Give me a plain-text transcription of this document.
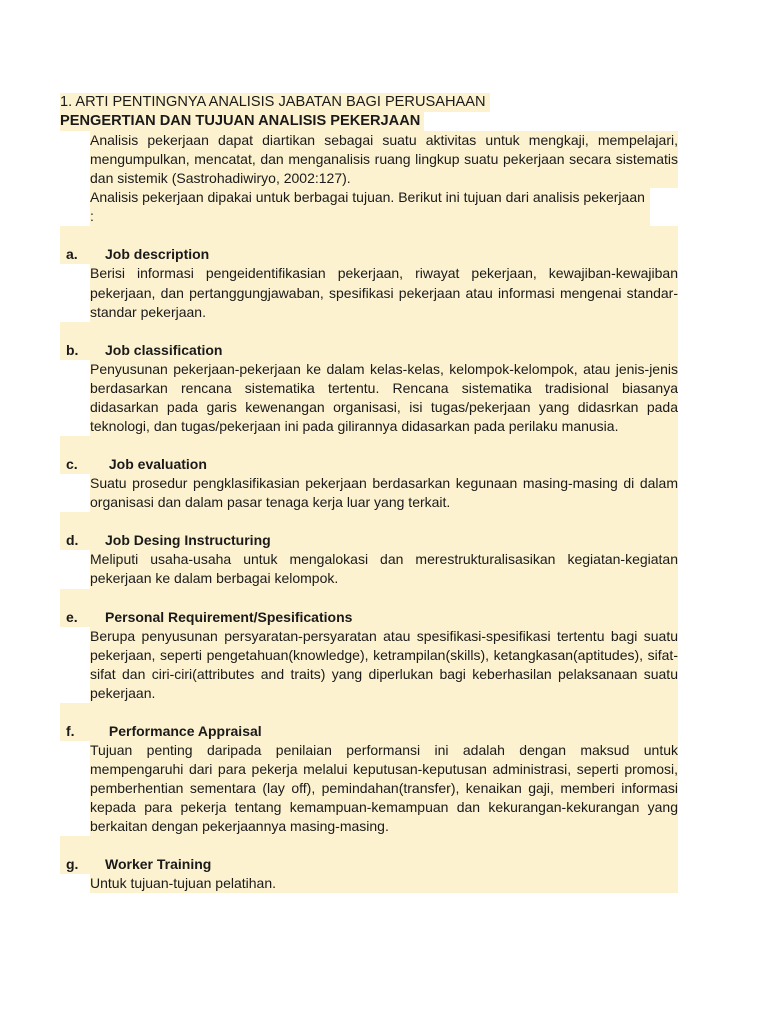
1. ARTI PENTINGNYA ANALISIS JABATAN BAGI PERUSAHAAN
PENGERTIAN DAN TUJUAN ANALISIS PEKERJAAN
Analisis pekerjaan dapat diartikan sebagai suatu aktivitas untuk mengkaji, mempelajari, mengumpulkan, mencatat, dan menganalisis ruang lingkup suatu pekerjaan secara sistematis dan sistemik (Sastrohadiwiryo, 2002:127).
Analisis pekerjaan dipakai untuk berbagai tujuan. Berikut ini tujuan dari analisis pekerjaan :
a.	Job description
Berisi informasi pengeidentifikasian pekerjaan, riwayat pekerjaan, kewajiban-kewajiban pekerjaan, dan pertanggungjawaban, spesifikasi pekerjaan atau informasi mengenai standar- standar pekerjaan.
b.	Job classification
Penyusunan pekerjaan-pekerjaan ke dalam kelas-kelas, kelompok-kelompok, atau jenis-jenis berdasarkan rencana sistematika tertentu. Rencana sistematika tradisional biasanya didasarkan pada garis kewenangan organisasi, isi tugas/pekerjaan yang didasrkan pada teknologi, dan tugas/pekerjaan ini pada gilirannya didasarkan pada perilaku manusia.
c.	Job evaluation
Suatu prosedur pengklasifikasian pekerjaan berdasarkan kegunaan masing-masing di dalam organisasi dan dalam pasar tenaga kerja luar yang terkait.
d.	Job Desing Instructuring
Meliputi usaha-usaha untuk mengalokasi dan merestrukturalisasikan kegiatan-kegiatan pekerjaan ke dalam berbagai kelompok.
e.	Personal Requirement/Spesifications
Berupa penyusunan persyaratan-persyaratan atau spesifikasi-spesifikasi tertentu bagi suatu pekerjaan, seperti pengetahuan(knowledge), ketrampilan(skills), ketangkasan(aptitudes), sifat-sifat dan ciri-ciri(attributes and traits) yang diperlukan bagi keberhasilan pelaksanaan suatu pekerjaan.
f.	Performance Appraisal
Tujuan penting daripada penilaian performansi ini adalah dengan maksud untuk mempengaruhi dari para pekerja melalui keputusan-keputusan administrasi, seperti promosi, pemberhentian sementara (lay off), pemindahan(transfer), kenaikan gaji, memberi informasi kepada para pekerja tentang kemampuan-kemampuan dan kekurangan-kekurangan yang berkaitan dengan pekerjaannya masing-masing.
g.	Worker Training
Untuk tujuan-tujuan pelatihan.
